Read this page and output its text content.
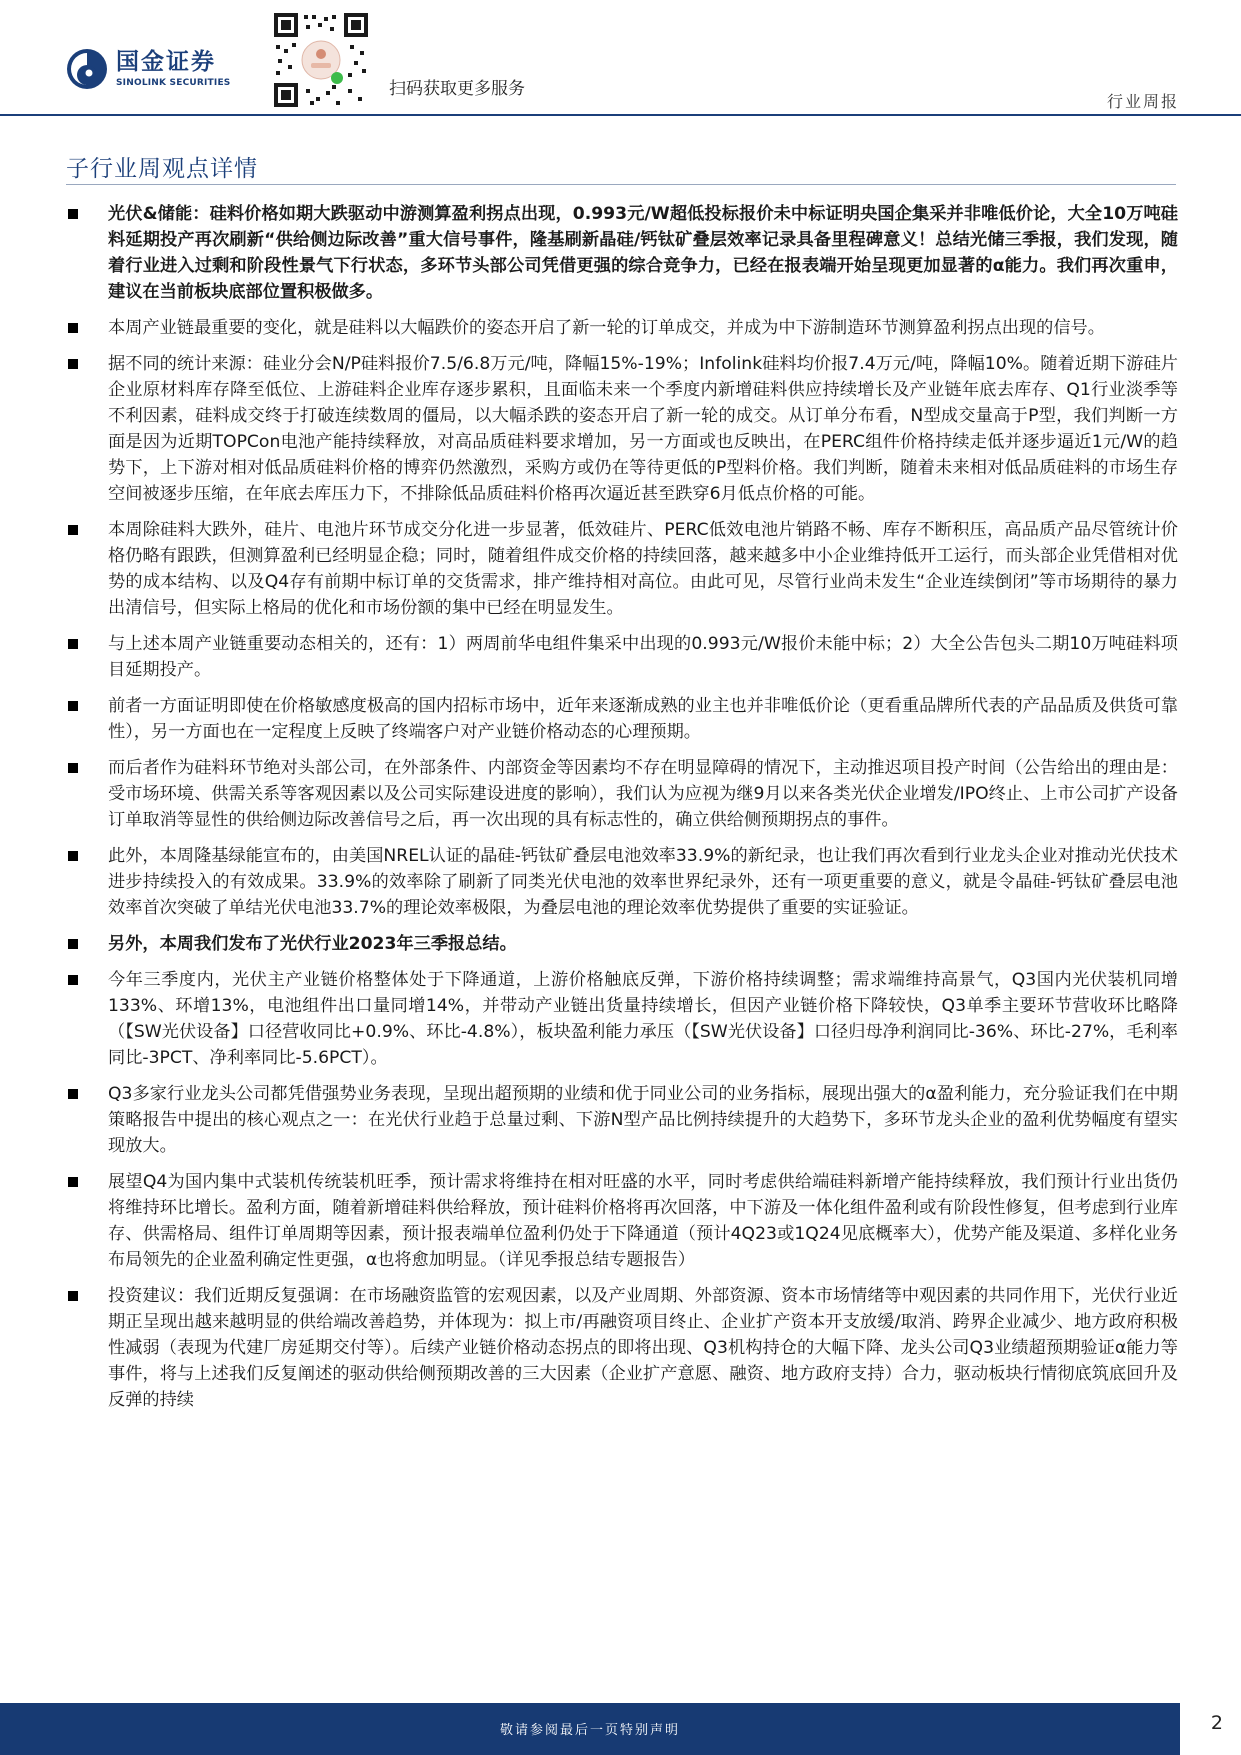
国金证券
SINOLINK SECURITIES	扫码获取更多服务
行业周报
子行业周观点详情
光伏&储能：硅料价格如期大跌驱动中游测算盈利拐点出现，0.993元/W超低投标报价未中标证明央国企集采并非唯低价论，大全10万吨硅料延期投产再次刷新“供给侧边际改善”重大信号事件，隆基刷新晶硅/钙钛矿叠层效率记录具备里程碑意义！总结光储三季报，我们发现，随着行业进入过剩和阶段性景气下行状态，多环节头部公司凭借更强的综合竞争力，已经在报表端开始呈现更加显著的α能力。我们再次重申，建议在当前板块底部位置积极做多。
本周产业链最重要的变化，就是硅料以大幅跌价的姿态开启了新一轮的订单成交，并成为中下游制造环节测算盈利拐点出现的信号。
据不同的统计来源：硅业分会N/P硅料报价7.5/6.8万元/吨，降幅15%-19%；Infolink硅料均价报7.4万元/吨，降幅10%。随着近期下游硅片企业原材料库存降至低位、上游硅料企业库存逐步累积，且面临未来一个季度内新增硅料供应持续增长及产业链年底去库存、Q1行业淡季等不利因素，硅料成交终于打破连续数周的僵局，以大幅杀跌的姿态开启了新一轮的成交。从订单分布看，N型成交量高于P型，我们判断一方面是因为近期TOPCon电池产能持续释放，对高品质硅料要求增加，另一方面或也反映出，在PERC组件价格持续走低并逐步逼近1元/W的趋势下，上下游对相对低品质硅料价格的博弈仍然激烈，采购方或仍在等待更低的P型料价格。我们判断，随着未来相对低品质硅料的市场生存空间被逐步压缩，在年底去库压力下，不排除低品质硅料价格再次逼近甚至跌穿6月低点价格的可能。
本周除硅料大跌外，硅片、电池片环节成交分化进一步显著，低效硅片、PERC低效电池片销路不畅、库存不断积压，高品质产品尽管统计价格仍略有跟跌，但测算盈利已经明显企稳；同时，随着组件成交价格的持续回落，越来越多中小企业维持低开工运行，而头部企业凭借相对优势的成本结构、以及Q4存有前期中标订单的交货需求，排产维持相对高位。由此可见，尽管行业尚未发生“企业连续倒闭”等市场期待的暴力出清信号，但实际上格局的优化和市场份额的集中已经在明显发生。
与上述本周产业链重要动态相关的，还有：1）两周前华电组件集采中出现的0.993元/W报价未能中标；2）大全公告包头二期10万吨硅料项目延期投产。
前者一方面证明即使在价格敏感度极高的国内招标市场中，近年来逐渐成熟的业主也并非唯低价论（更看重品牌所代表的产品品质及供货可靠性），另一方面也在一定程度上反映了终端客户对产业链价格动态的心理预期。
而后者作为硅料环节绝对头部公司，在外部条件、内部资金等因素均不存在明显障碍的情况下，主动推迟项目投产时间（公告给出的理由是：受市场环境、供需关系等客观因素以及公司实际建设进度的影响），我们认为应视为继9月以来各类光伏企业增发/IPO终止、上市公司扩产设备订单取消等显性的供给侧边际改善信号之后，再一次出现的具有标志性的，确立供给侧预期拐点的事件。
此外，本周隆基绿能宣布的，由美国NREL认证的晶硅-钙钛矿叠层电池效率33.9%的新纪录，也让我们再次看到行业龙头企业对推动光伏技术进步持续投入的有效成果。33.9%的效率除了刷新了同类光伏电池的效率世界纪录外，还有一项更重要的意义，就是令晶硅-钙钛矿叠层电池效率首次突破了单结光伏电池33.7%的理论效率极限，为叠层电池的理论效率优势提供了重要的实证验证。
另外，本周我们发布了光伏行业2023年三季报总结。
今年三季度内，光伏主产业链价格整体处于下降通道，上游价格触底反弹，下游价格持续调整；需求端维持高景气，Q3国内光伏装机同增133%、环增13%，电池组件出口量同增14%，并带动产业链出货量持续增长，但因产业链价格下降较快，Q3单季主要环节营收环比略降（【SW光伏设备】口径营收同比+0.9%、环比-4.8%），板块盈利能力承压（【SW光伏设备】口径归母净利润同比-36%、环比-27%，毛利率同比-3PCT、净利率同比-5.6PCT）。
Q3多家行业龙头公司都凭借强势业务表现，呈现出超预期的业绩和优于同业公司的业务指标，展现出强大的α盈利能力，充分验证我们在中期策略报告中提出的核心观点之一：在光伏行业趋于总量过剩、下游N型产品比例持续提升的大趋势下，多环节龙头企业的盈利优势幅度有望实现放大。
展望Q4为国内集中式装机传统装机旺季，预计需求将维持在相对旺盛的水平，同时考虑供给端硅料新增产能持续释放，我们预计行业出货仍将维持环比增长。盈利方面，随着新增硅料供给释放，预计硅料价格将再次回落，中下游及一体化组件盈利或有阶段性修复，但考虑到行业库存、供需格局、组件订单周期等因素，预计报表端单位盈利仍处于下降通道（预计4Q23或1Q24见底概率大），优势产能及渠道、多样化业务布局领先的企业盈利确定性更强，α也将愈加明显。（详见季报总结专题报告）
投资建议：我们近期反复强调：在市场融资监管的宏观因素，以及产业周期、外部资源、资本市场情绪等中观因素的共同作用下，光伏行业近期正呈现出越来越明显的供给端改善趋势，并体现为：拟上市/再融资项目终止、企业扩产资本开支放缓/取消、跨界企业减少、地方政府积极性减弱（表现为代建厂房延期交付等）。后续产业链价格动态拐点的即将出现、Q3机构持仓的大幅下降、龙头公司Q3业绩超预期验证α能力等事件，将与上述我们反复阐述的驱动供给侧预期改善的三大因素（企业扩产意愿、融资、地方政府支持）合力，驱动板块行情彻底筑底回升及反弹的持续
敬请参阅最后一页特别声明	2
